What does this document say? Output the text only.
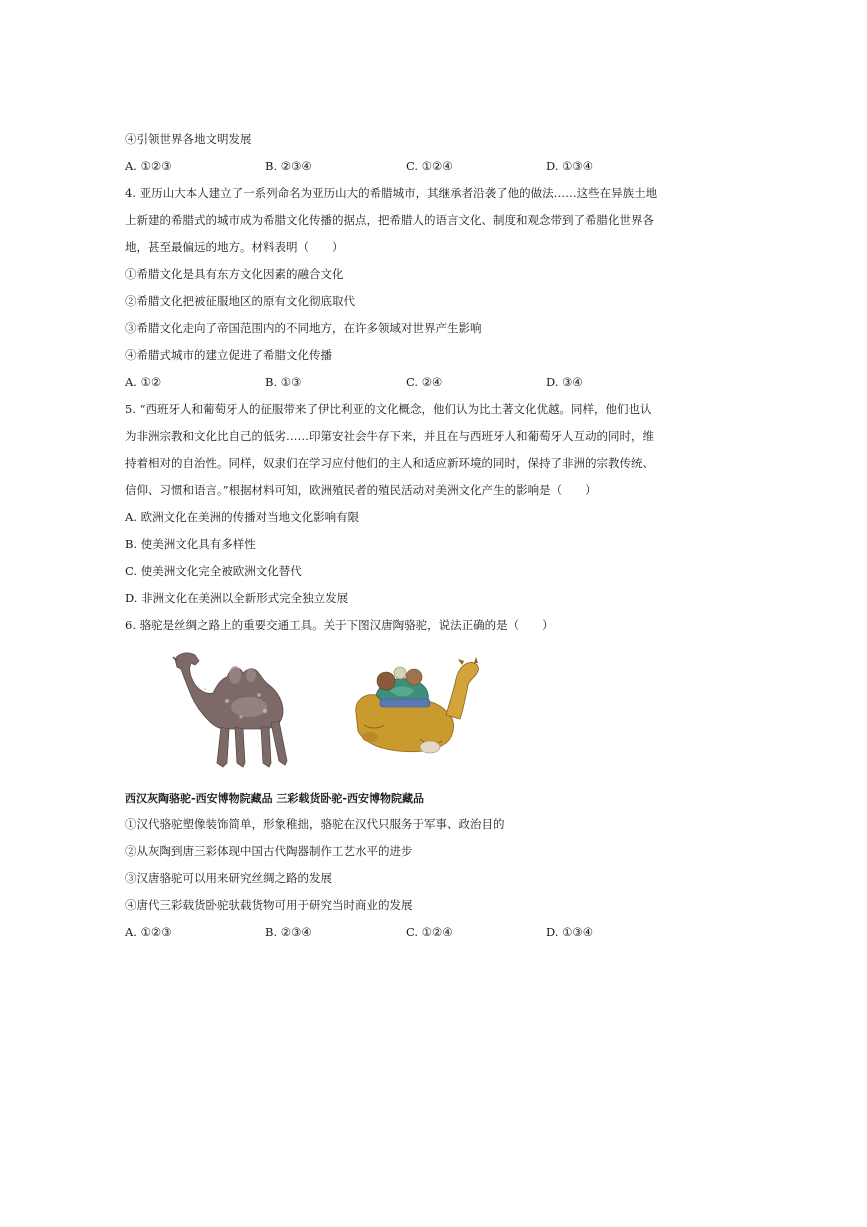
④引领世界各地文明发展
A. ①②③	B. ②③④	C. ①②④	D. ①③④
4. 亚历山大本人建立了一系列命名为亚历山大的希腊城市，其继承者沿袭了他的做法……这些在异族土地
上新建的希腊式的城市成为希腊文化传播的据点，把希腊人的语言文化、制度和观念带到了希腊化世界各
地，甚至最偏远的地方。材料表明（　　）
①希腊文化是具有东方文化因素的融合文化
②希腊文化把被征服地区的原有文化彻底取代
③希腊文化走向了帝国范围内的不同地方，在许多领域对世界产生影响
④希腊式城市的建立促进了希腊文化传播
A. ①②	B. ①③	C. ②④	D. ③④
5. “西班牙人和葡萄牙人的征服带来了伊比利亚的文化概念，他们认为比土著文化优越。同样，他们也认
为非洲宗教和文化比自己的低劣……印第安社会牛存下来，并且在与西班牙人和葡萄牙人互动的同时，维
持着相对的自治性。同样，奴隶们在学习应付他们的主人和适应新环境的同时，保持了非洲的宗教传统、
信仰、习惯和语言。”根据材料可知，欧洲殖民者的殖民活动对美洲文化产生的影响是（　　）
A. 欧洲文化在美洲的传播对当地文化影响有限
B. 使美洲文化具有多样性
C. 使美洲文化完全被欧洲文化替代
D. 非洲文化在美洲以全新形式完全独立发展
6. 骆驼是丝绸之路上的重要交通工具。关于下图汉唐陶骆驼，说法正确的是（　　）
西汉灰陶骆驼-西安博物院藏品 三彩载货卧驼-西安博物院藏品
①汉代骆驼塑像装饰简单，形象稚拙，骆驼在汉代只服务于军事、政治目的
②从灰陶到唐三彩体现中国古代陶器制作工艺水平的进步
③汉唐骆驼可以用来研究丝绸之路的发展
④唐代三彩载货卧驼驮载货物可用于研究当时商业的发展
A. ①②③	B. ②③④	C. ①②④	D. ①③④
